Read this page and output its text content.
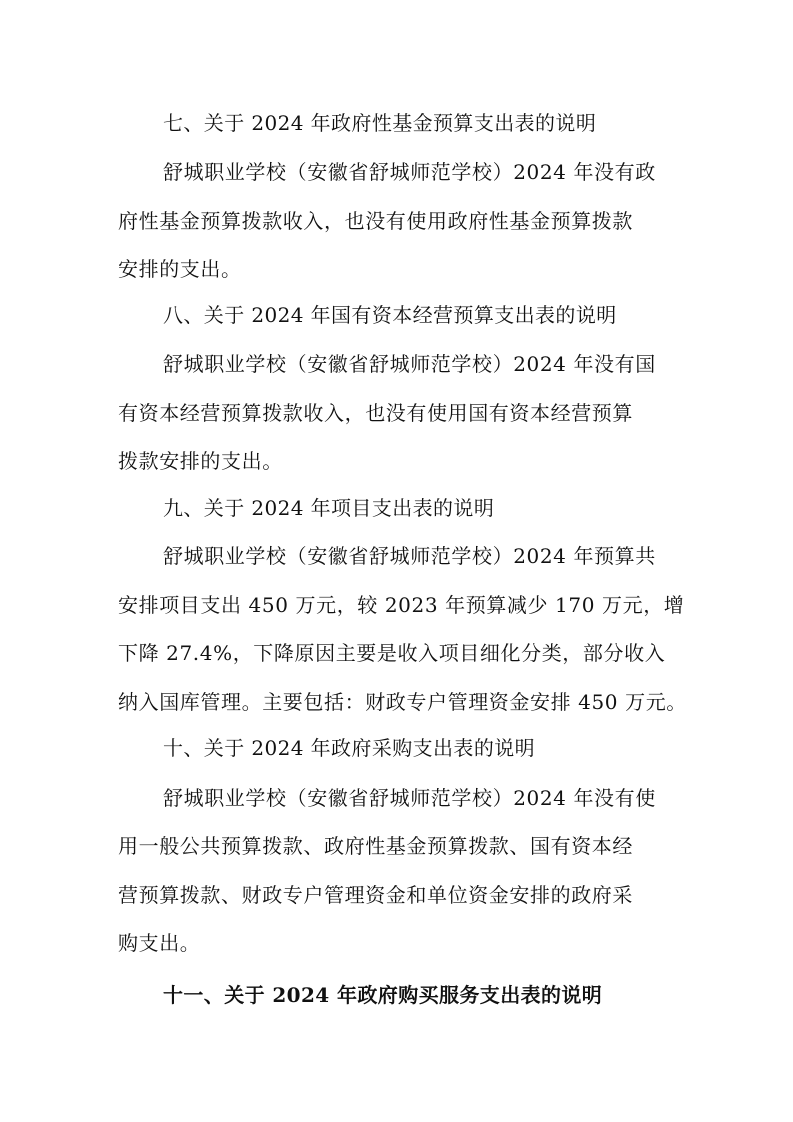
七、关于 2024 年政府性基金预算支出表的说明

舒城职业学校（安徽省舒城师范学校）2024 年没有政

府性基金预算拨款收入，也没有使用政府性基金预算拨款

安排的支出。

八、关于 2024 年国有资本经营预算支出表的说明

舒城职业学校（安徽省舒城师范学校）2024 年没有国

有资本经营预算拨款收入，也没有使用国有资本经营预算

拨款安排的支出。

九、关于 2024 年项目支出表的说明

舒城职业学校（安徽省舒城师范学校）2024 年预算共

安排项目支出 450 万元，较 2023 年预算减少 170 万元，增

下降 27.4%，下降原因主要是收入项目细化分类，部分收入

纳入国库管理。主要包括：财政专户管理资金安排 450 万元。

十、关于 2024 年政府采购支出表的说明

舒城职业学校（安徽省舒城师范学校）2024 年没有使

用一般公共预算拨款、政府性基金预算拨款、国有资本经

营预算拨款、财政专户管理资金和单位资金安排的政府采

购支出。

十一、关于 2024 年政府购买服务支出表的说明
